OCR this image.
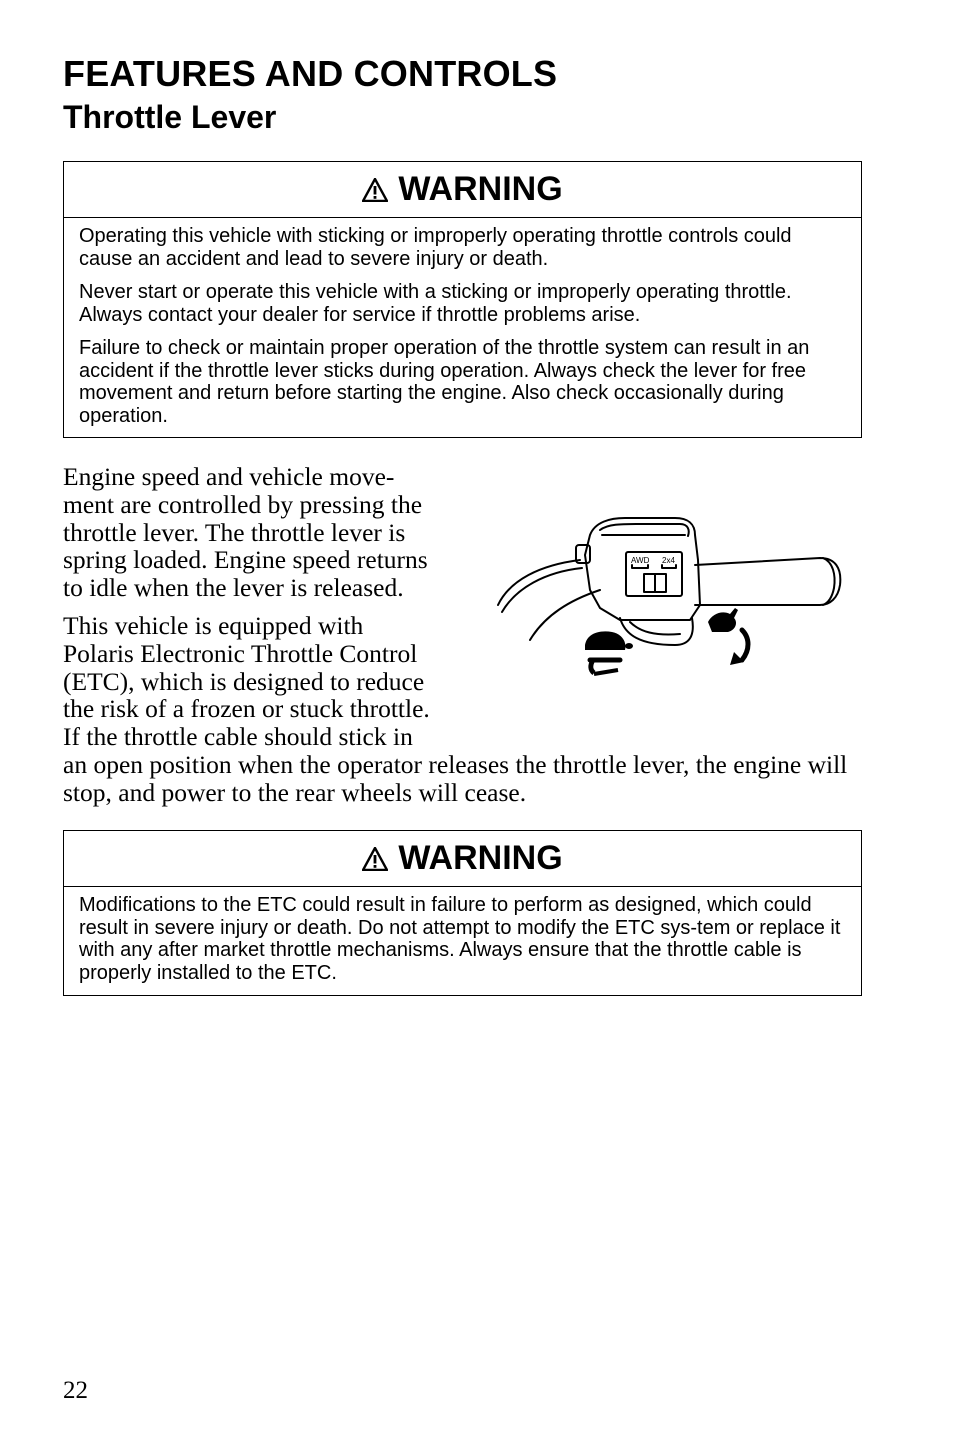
FEATURES AND CONTROLS
Throttle Lever
WARNING

Operating this vehicle with sticking or improperly operating throttle controls could cause an accident and lead to severe injury or death.

Never start or operate this vehicle with a sticking or improperly operating throttle. Always contact your dealer for service if throttle problems arise.

Failure to check or maintain proper operation of the throttle system can result in an accident if the throttle lever sticks during operation. Always check the lever for free movement and return before starting the engine. Also check occasionally during operation.

Engine speed and vehicle move-
ment are controlled by pressing the
throttle lever. The throttle lever is
spring loaded. Engine speed returns
to idle when the lever is released.
This vehicle is equipped with
Polaris Electronic Throttle Control
(ETC), which is designed to reduce
the risk of a frozen or stuck throttle.
If the throttle cable should stick in
an open position when the operator releases the throttle lever, the engine will stop, and power to the rear wheels will cease.
AWD 2x4
WARNING

Modifications to the ETC could result in failure to perform as designed, which could result in severe injury or death. Do not attempt to modify the ETC sys-tem or replace it with any after market throttle mechanisms. Always ensure that the throttle cable is properly installed to the ETC.

22
